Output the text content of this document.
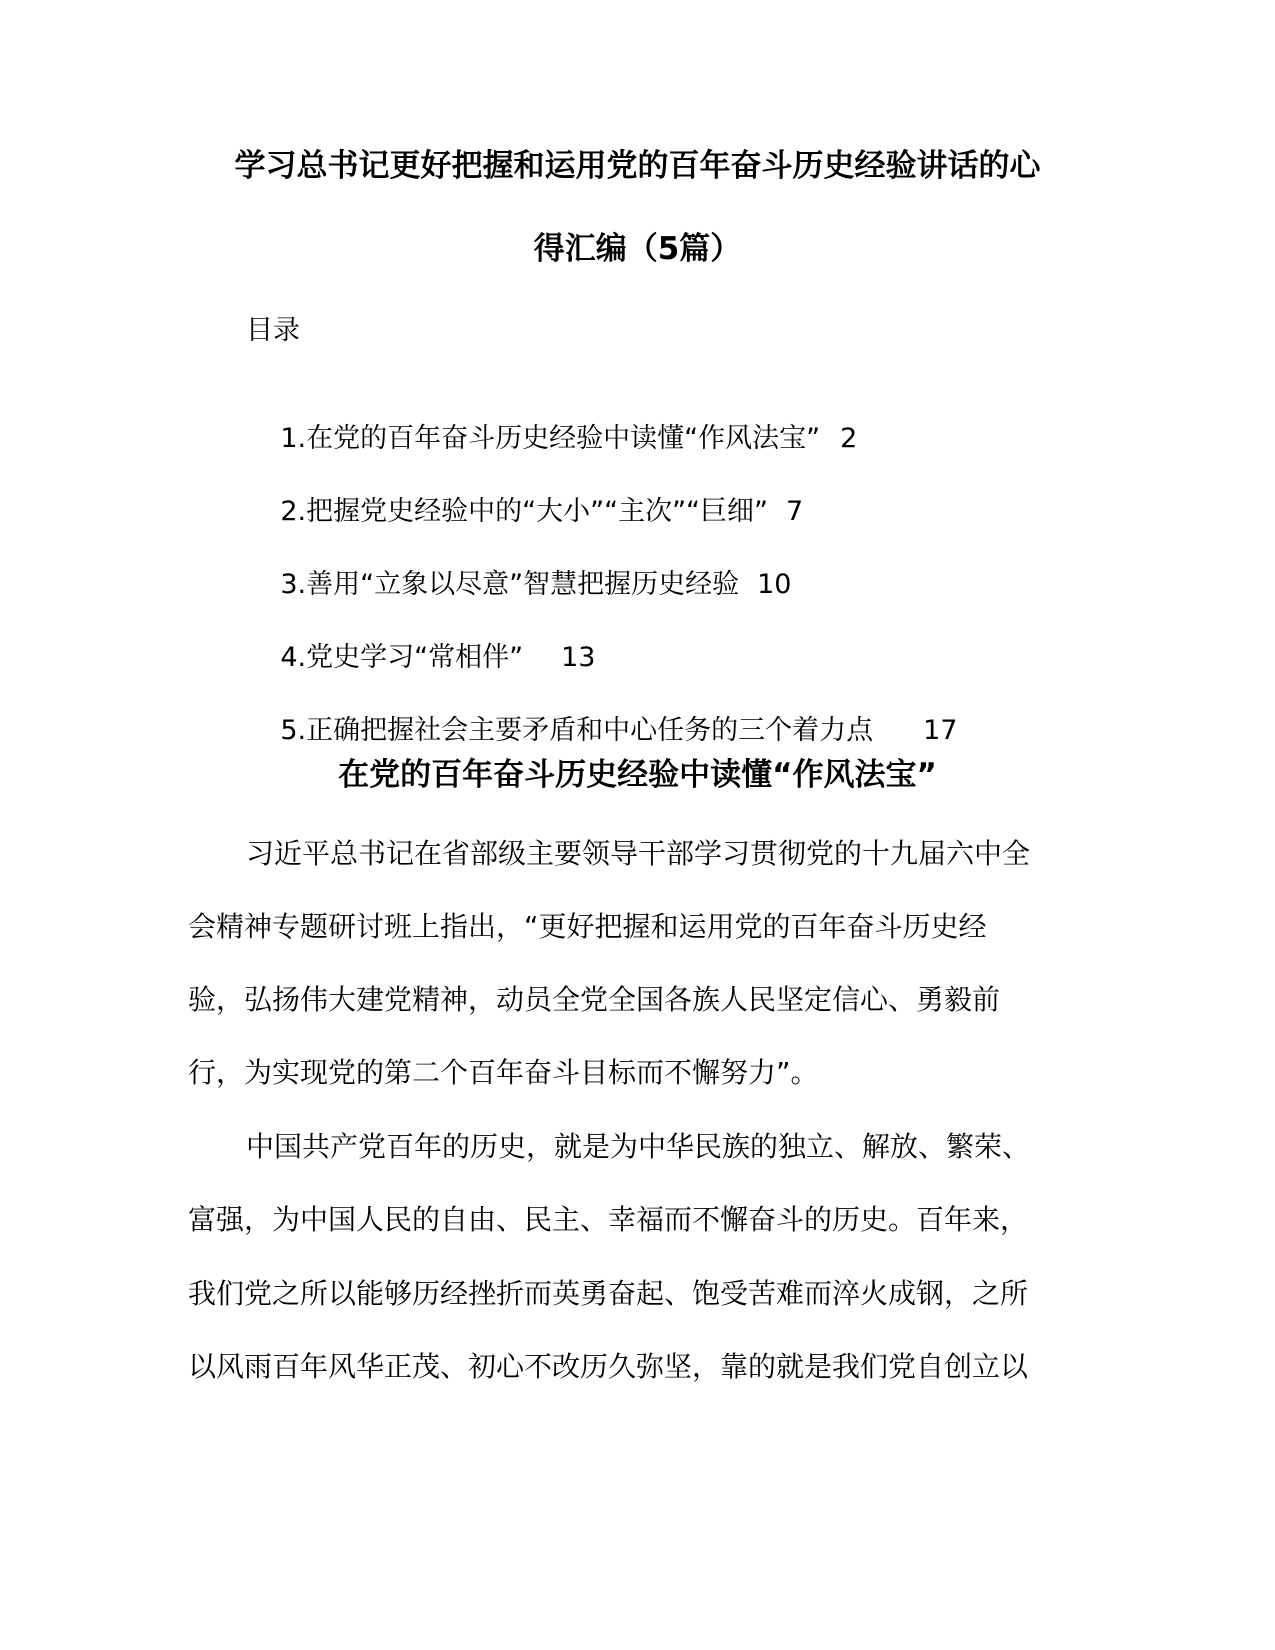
学习总书记更好把握和运用党的百年奋斗历史经验讲话的心
得汇编（5篇）
目录

1.在党的百年奋斗历史经验中读懂“作风法宝” 2

2.把握党史经验中的“大小”“主次”“巨细” 7

3.善用“立象以尽意”智慧把握历史经验 10

4.党史学习“常相伴” 13

5.正确把握社会主要矛盾和中心任务的三个着力点 17

在党的百年奋斗历史经验中读懂“作风法宝”
习近平总书记在省部级主要领导干部学习贯彻党的十九届六中全
会精神专题研讨班上指出，“更好把握和运用党的百年奋斗历史经
验，弘扬伟大建党精神，动员全党全国各族人民坚定信心、勇毅前
行，为实现党的第二个百年奋斗目标而不懈努力”。
中国共产党百年的历史，就是为中华民族的独立、解放、繁荣、
富强，为中国人民的自由、民主、幸福而不懈奋斗的历史。百年来，
我们党之所以能够历经挫折而英勇奋起、饱受苦难而淬火成钢，之所
以风雨百年风华正茂、初心不改历久弥坚，靠的就是我们党自创立以
